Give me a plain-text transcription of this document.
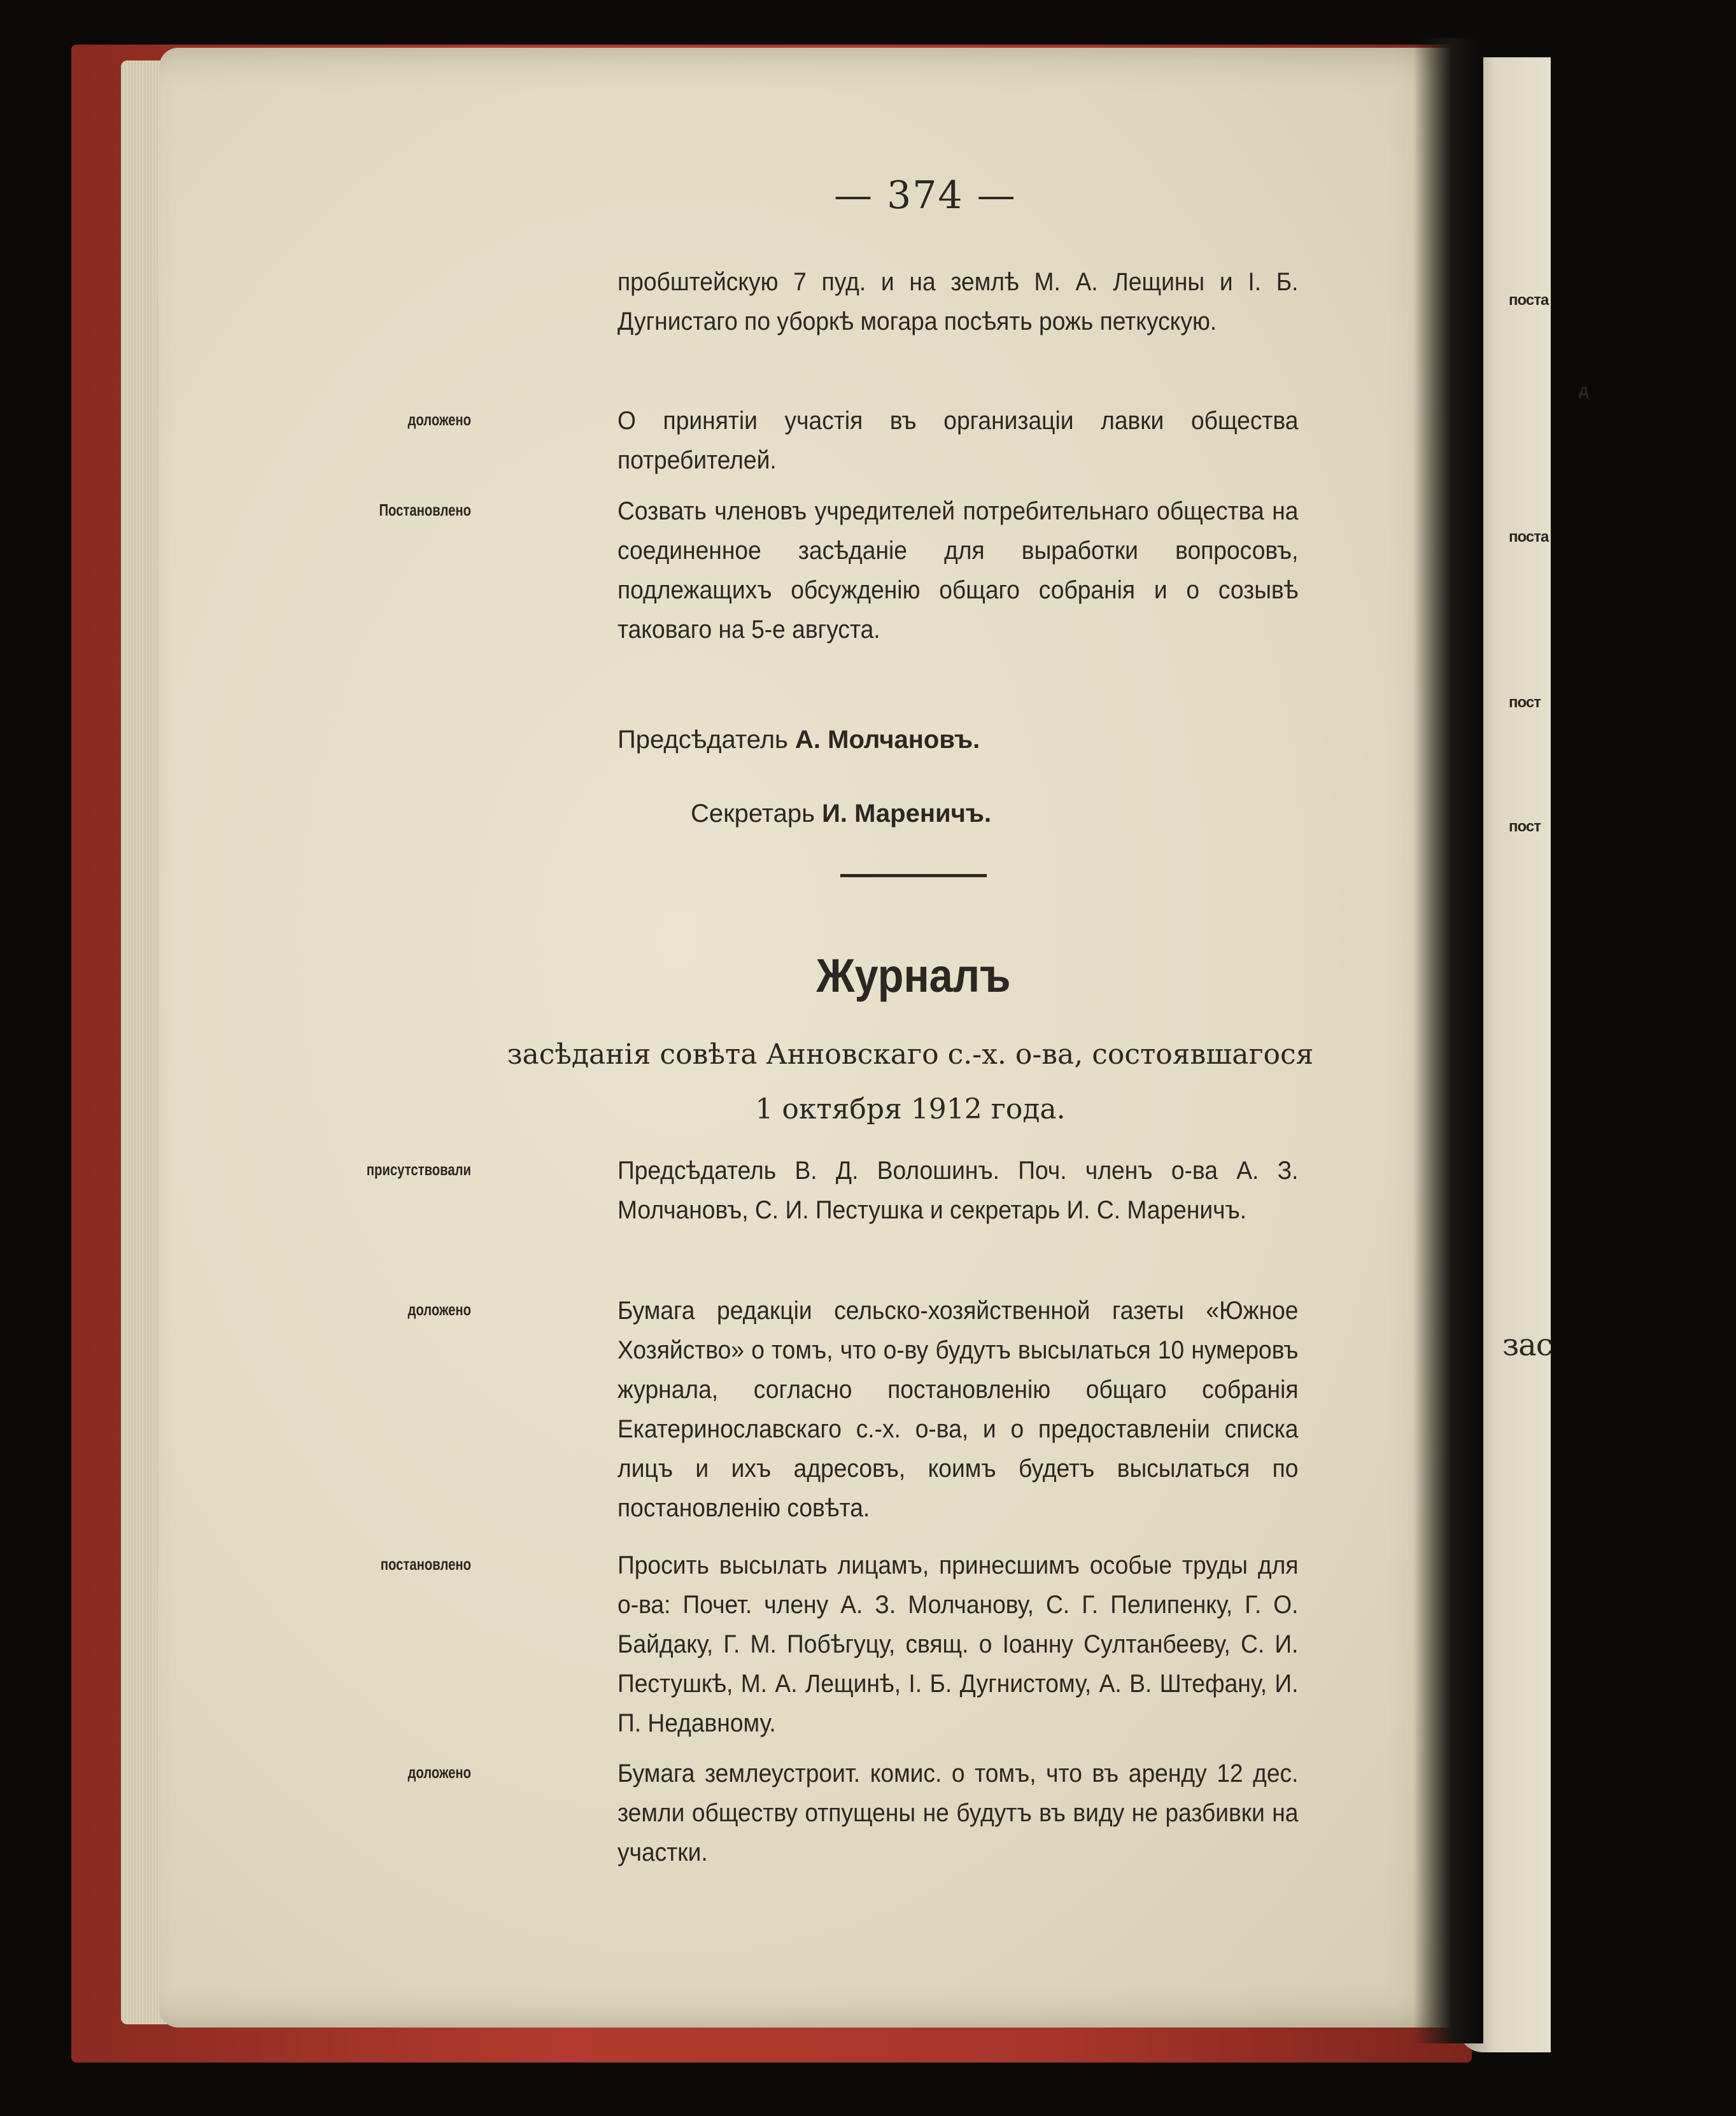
поста
д
поста
пост
пост
зас
— 374 —
пробштейскую 7 пуд. и на землѣ М. А. Лещины и І. Б. Дугнистаго по уборкѣ могара посѣять рожь петкускую.
доложено	О принятіи участія въ организаціи лавки общества потребителей.
Постановлено	Созвать членовъ учредителей потребительнаго общества на соединенное засѣданіе для выработки вопросовъ, подлежащихъ обсужденію общаго собранія и о созывѣ таковаго на 5-е августа.
Предсѣдатель А. Молчановъ.
Секретарь И. Мареничъ.
Журналъ
засѣданія совѣта Анновскаго с.-х. о-ва, состоявшагося
1 октября 1912 года.
присутствовали	Предсѣдатель В. Д. Волошинъ. Поч. членъ о-ва А. З. Молчановъ, С. И. Пестушка и секретарь И. С. Мареничъ.
доложено	Бумага редакціи сельско-хозяйственной газеты «Южное Хозяйство» о томъ, что о-ву будутъ высылаться 10 нумеровъ журнала, согласно постановленію общаго собранія Екатеринославскаго с.-х. о-ва, и о предоставленіи списка лицъ и ихъ адресовъ, коимъ будетъ высылаться по постановленію совѣта.
постановлено	Просить высылать лицамъ, принесшимъ особые труды для о-ва: Почет. члену А. З. Молчанову, С. Г. Пелипенку, Г. О. Байдаку, Г. М. Побѣгуцу, свящ. о Іоанну Султанбееву, С. И. Пестушкѣ, М. А. Лещинѣ, І. Б. Дугнистому, А. В. Штефану, И. П. Недавному.
доложено	Бумага землеустроит. комис. о томъ, что въ аренду 12 дес. земли обществу отпущены не будутъ въ виду не разбивки на участки.
